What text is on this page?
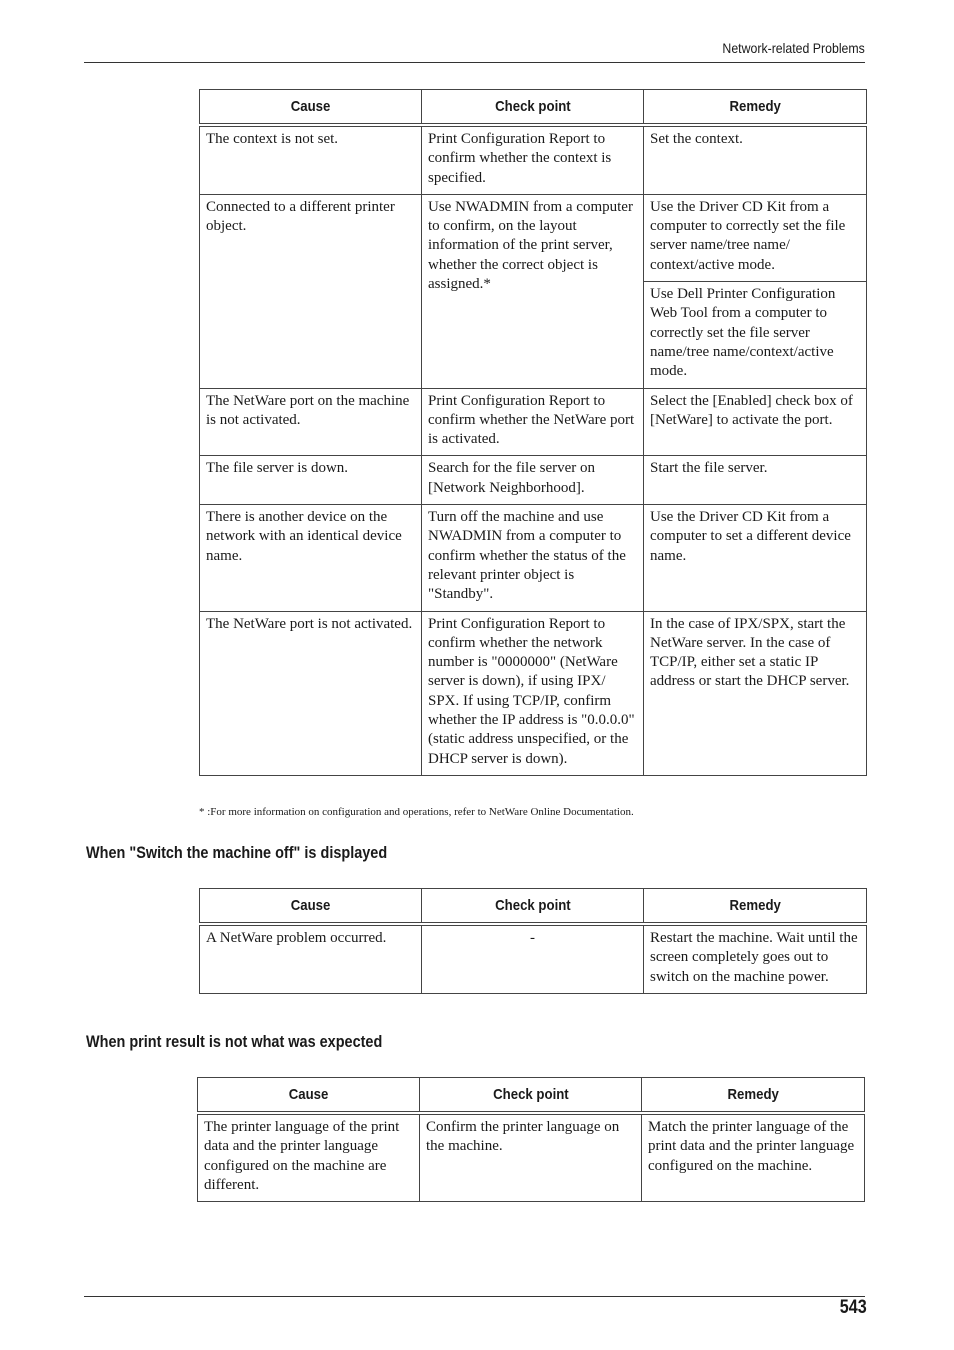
Network-related Problems
Cause	Check point	Remedy
The context is not set.	Print Configuration Report to confirm whether the context is specified.	Set the context.
Connected to a different printer object.	Use NWADMIN from a computer to confirm, on the layout information of the print server, whether the correct object is assigned.*	Use the Driver CD Kit from a computer to correctly set the file server name/tree name/ context/active mode.
		Use Dell Printer Configuration Web Tool from a computer to correctly set the file server name/tree name/context/active mode.
The NetWare port on the machine is not activated.	Print Configuration Report to confirm whether the NetWare port is activated.	Select the [Enabled] check box of [NetWare] to activate the port.
The file server is down.	Search for the file server on [Network Neighborhood].	Start the file server.
There is another device on the network with an identical device name.	Turn off the machine and use NWADMIN from a computer to confirm whether the status of the relevant printer object is "Standby".	Use the Driver CD Kit from a computer to set a different device name.
The NetWare port is not activated.	Print Configuration Report to confirm whether the network number is "0000000" (NetWare server is down), if using IPX/ SPX. If using TCP/IP, confirm whether the IP address is "0.0.0.0" (static address unspecified, or the DHCP server is down).	In the case of IPX/SPX, start the NetWare server. In the case of TCP/IP, either set a static IP address or start the DHCP server.
* :For more information on configuration and operations, refer to NetWare Online Documentation.
When "Switch the machine off" is displayed
Cause	Check point	Remedy
A NetWare problem occurred.	-	Restart the machine. Wait until the screen completely goes out to switch on the machine power.
When print result is not what was expected
Cause	Check point	Remedy
The printer language of the print data and the printer language configured on the machine are different.	Confirm the printer language on the machine.	Match the printer language of the print data and the printer language configured on the machine.
543
